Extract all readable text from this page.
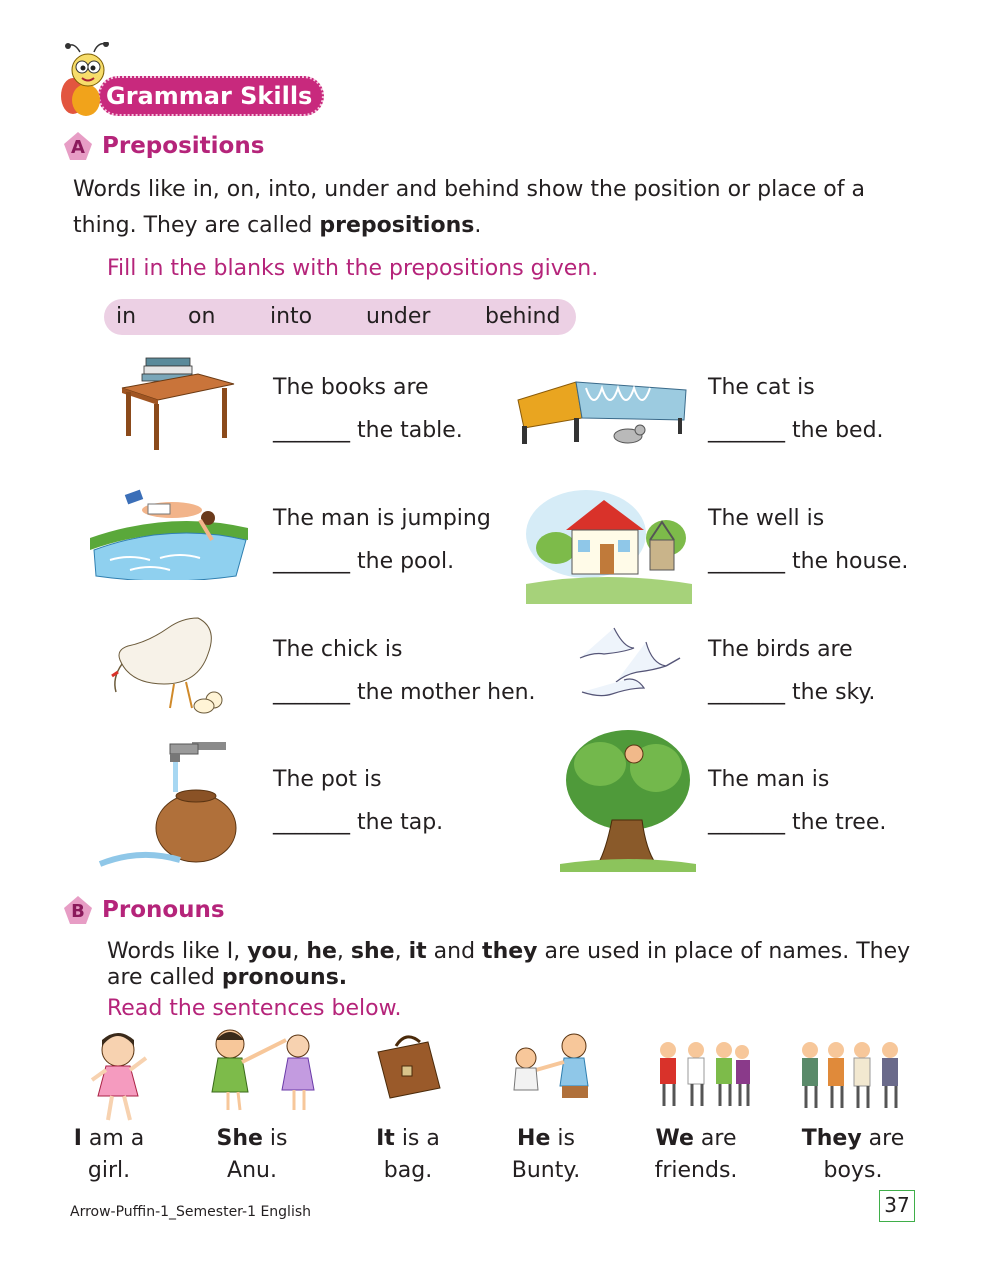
Grammar Skills
A Prepositions
Words like in, on, into, under and behind show the position or place of a thing. They are called prepositions.
Fill in the blanks with the prepositions given.
in on into under behind
The books are
_______ the table.
The cat is
_______ the bed.
The man is jumping
_______ the pool.
The well is
_______ the house.
The chick is
_______ the mother hen.
The birds are
_______ the sky.
The pot is
_______ the tap.
The man is
_______ the tree.
B Pronouns
Words like I, you, he, she, it and they are used in place of names. They
are called pronouns.
Read the sentences below.
I am a
girl.
She is
Anu.
It is a
bag.
He is
Bunty.
We are
friends.
They are
boys.
Arrow-Puffin-1_Semester-1 English	37
